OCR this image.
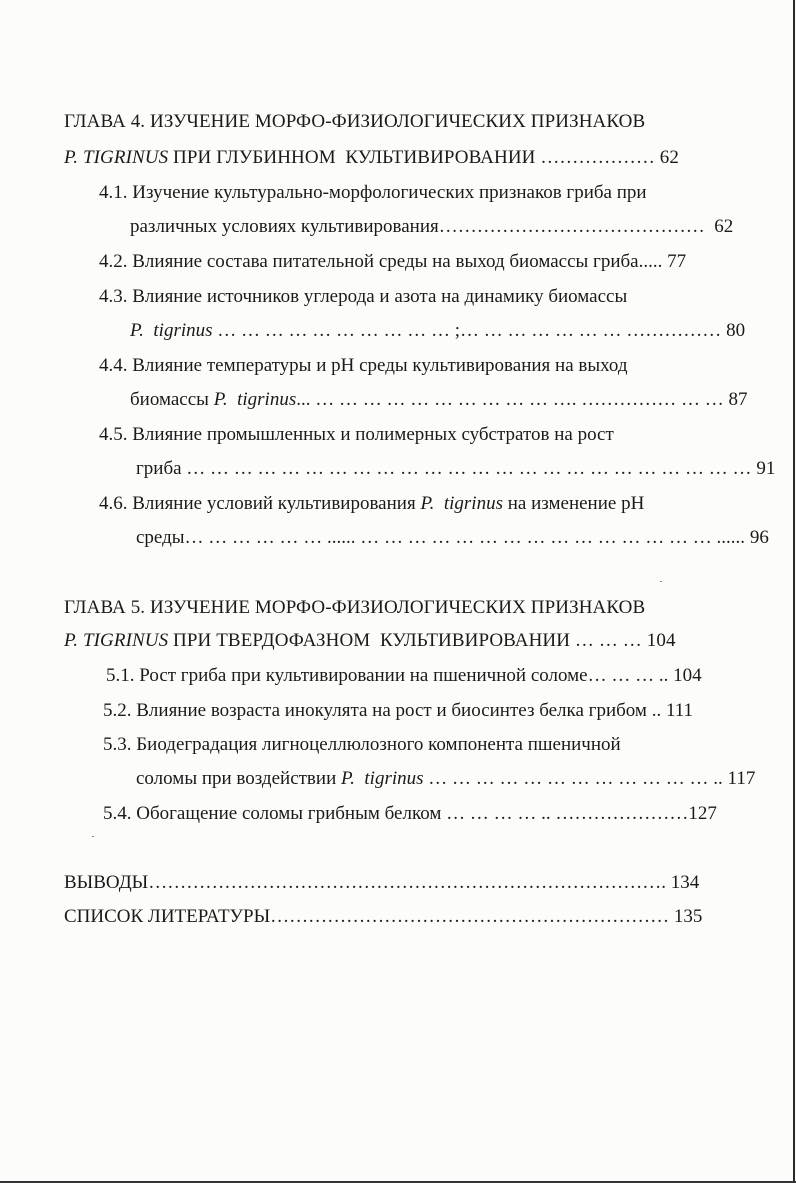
ГЛАВА 4. ИЗУЧЕНИЕ МОРФО-ФИЗИОЛОГИЧЕСКИХ ПРИЗНАКОВ
P. TIGRINUS ПРИ ГЛУБИННОМ  КУЛЬТИВИРОВАНИИ ……………… 62
4.1. Изучение культурально-морфологических признаков гриба при
различных условиях культивирования…………………………………… 62
4.2. Влияние состава питательной среды на выход биомассы гриба..... 77
4.3. Влияние источников углерода и азота на динамику биомассы
P.  tigrinus … … … … … … … … … … ;… … … … … … … …………… 80
4.4. Влияние температуры и рН среды культивирования на выход
биомассы P.  tigrinus... … … … … … … … … … … …. …………… … … 87
4.5. Влияние промышленных и полимерных субстратов на рост
гриба … … … … … … … … … … … … … … … … … … … … … … … … 91
4.6. Влияние условий культивирования P.  tigrinus на изменение рН
среды… … … … … … ...... … … … … … … … … … … … … … … … ...... 96
ГЛАВА 5. ИЗУЧЕНИЕ МОРФО-ФИЗИОЛОГИЧЕСКИХ ПРИЗНАКОВ
P. TIGRINUS ПРИ ТВЕРДОФАЗНОМ  КУЛЬТИВИРОВАНИИ … … … 104
5.1. Рост гриба при культивировании на пшеничной соломе… … … .. 104
5.2. Влияние возраста инокулята на рост и биосинтез белка грибом .. 111
5.3. Биодеградация лигноцеллюлозного компонента пшеничной
соломы при воздействии P.  tigrinus … … … … … … … … … … … … .. 117
5.4. Обогащение соломы грибным белком … … … … .. …………………127
ВЫВОДЫ………………………………………………………………………. 134
СПИСОК ЛИТЕРАТУРЫ……………………………………………………… 135
